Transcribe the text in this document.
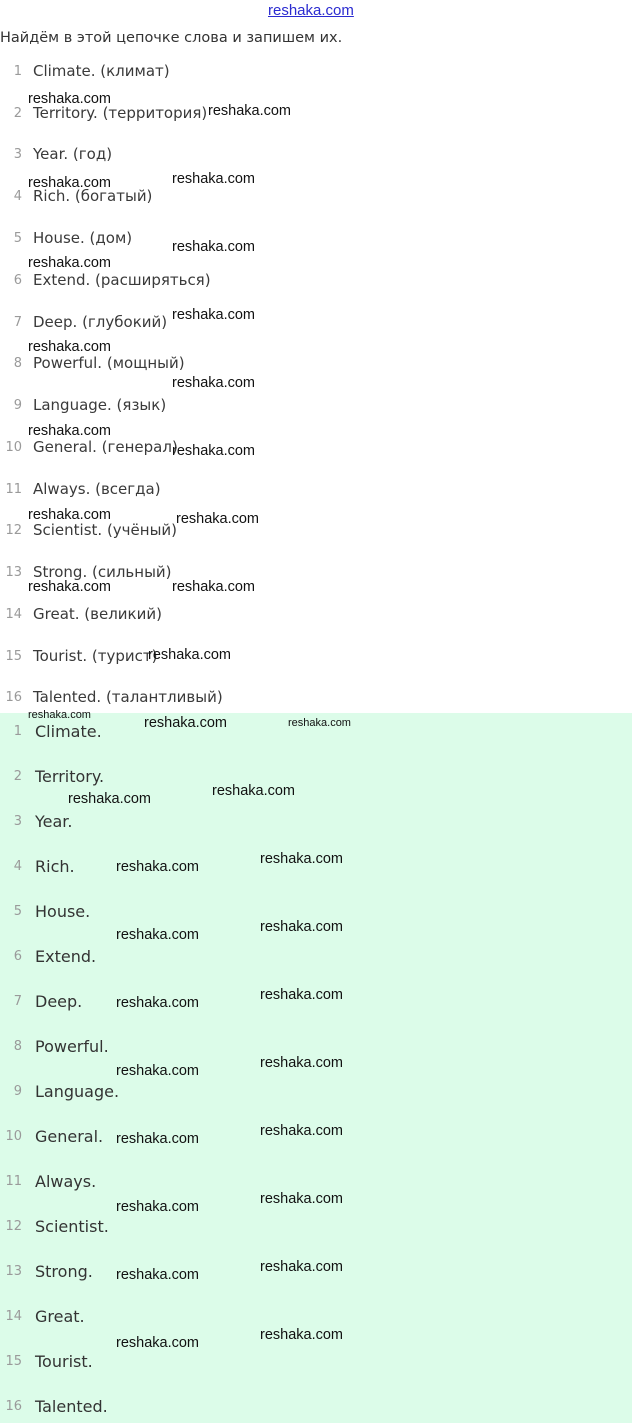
reshaka.com
Найдём в этой цепочке слова и запишем их.
1 Climate. (климат)
2 Territory. (территория)
3 Year. (год)
4 Rich. (богатый)
5 House. (дом)
6 Extend. (расширяться)
7 Deep. (глубокий)
8 Powerful. (мощный)
9 Language. (язык)
10 General. (генерал)
11 Always. (всегда)
12 Scientist. (учёный)
13 Strong. (сильный)
14 Great. (великий)
15 Tourist. (турист)
16 Talented. (талантливый)
1 Climate.
2 Territory.
3 Year.
4 Rich.
5 House.
6 Extend.
7 Deep.
8 Powerful.
9 Language.
10 General.
11 Always.
12 Scientist.
13 Strong.
14 Great.
15 Tourist.
16 Talented.
reshaka.com
reshaka.com
reshaka.com	reshaka.com
reshaka.com
reshaka.com
reshaka.com
reshaka.com
reshaka.com
reshaka.com
reshaka.com
reshaka.com	reshaka.com
reshaka.com	reshaka.com
reshaka.com
reshaka.com	reshaka.com	reshaka.com
reshaka.com
reshaka.com
reshaka.com
reshaka.com
reshaka.com
reshaka.com
reshaka.com
reshaka.com
reshaka.com
reshaka.com
reshaka.com
reshaka.com
reshaka.com
reshaka.com
reshaka.com
reshaka.com
reshaka.com
reshaka.com
